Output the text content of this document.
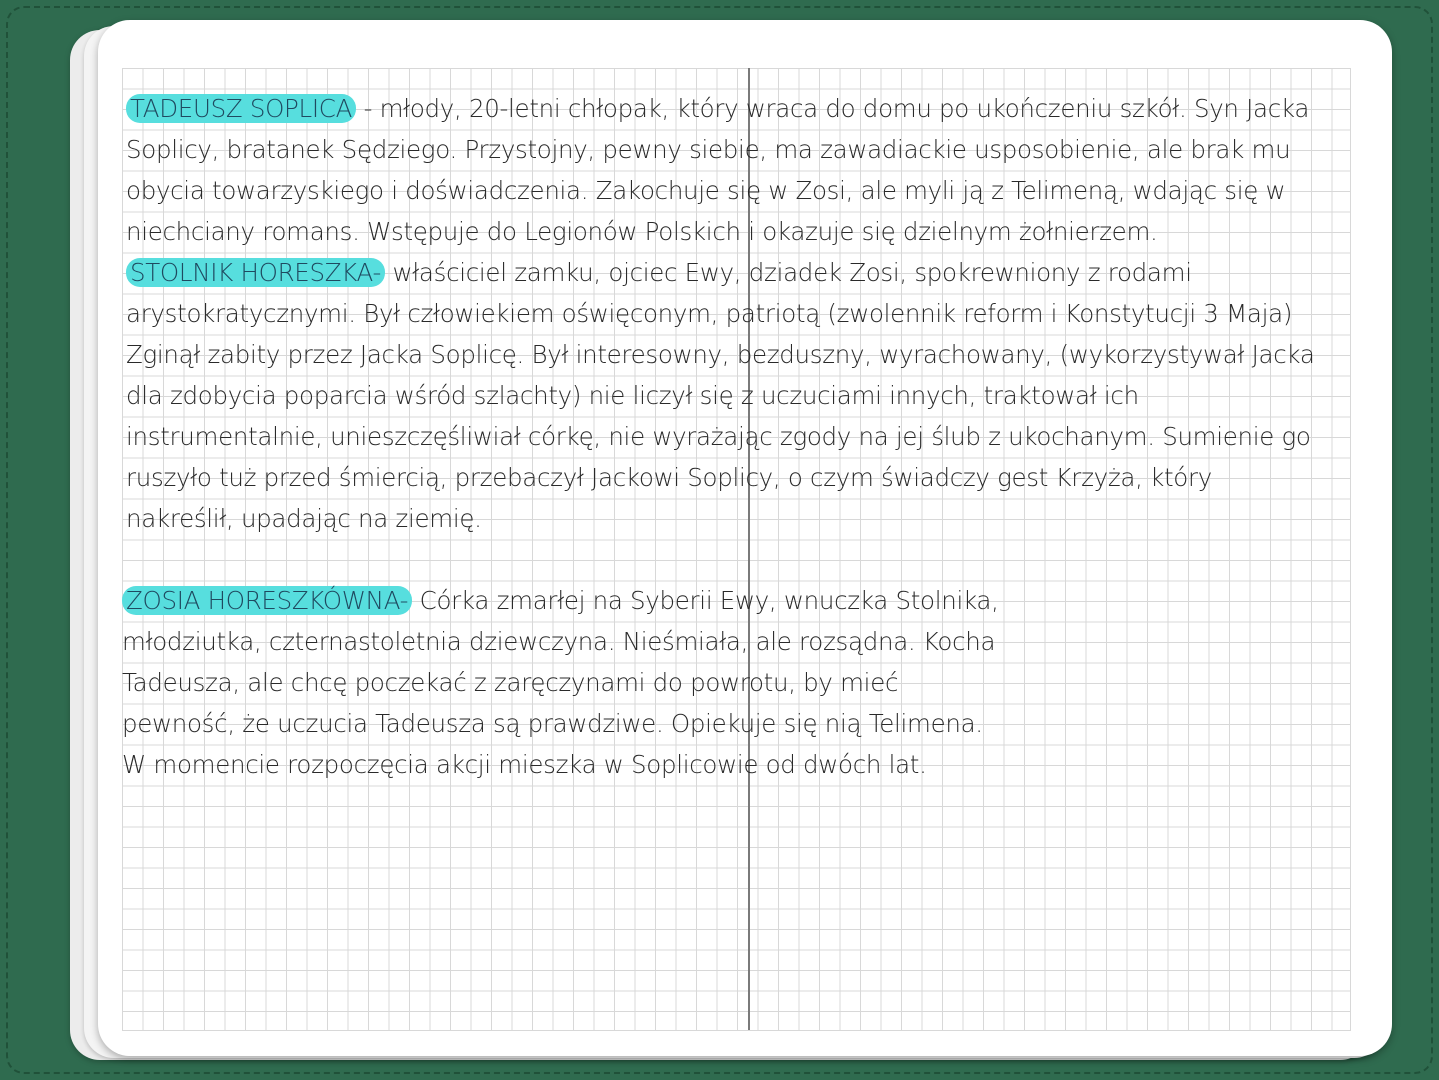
TADEUSZ SOPLICA - młody, 20-letni chłopak, który wraca do domu po ukończeniu szkół. Syn Jacka Soplicy, bratanek Sędziego. Przystojny, pewny siebie, ma zawadiackie usposobienie, ale brak mu obycia towarzyskiego i doświadczenia. Zakochuje się w Zosi, ale myli ją z Telimeną, wdając się w niechciany romans. Wstępuje do Legionów Polskich i okazuje się dzielnym żołnierzem.

STOLNIK HORESZKA- właściciel zamku, ojciec Ewy, dziadek Zosi, spokrewniony z rodami arystokratycznymi. Był człowiekiem oświęconym, patriotą (zwolennik reform i Konstytucji 3 Maja) Zginął zabity przez Jacka Soplicę. Był interesowny, bezduszny, wyrachowany, (wykorzystywał Jacka dla zdobycia poparcia wśród szlachty) nie liczył się z uczuciami innych, traktował ich instrumentalnie, unieszczęśliwiał córkę, nie wyrażając zgody na jej ślub z ukochanym. Sumienie go ruszyło tuż przed śmiercią, przebaczył Jackowi Soplicy, o czym świadczy gest Krzyża, który nakreślił, upadając na ziemię.

ZOSIA HORESZKÓWNA- Córka zmarłej na Syberii Ewy, wnuczka Stolnika, młodziutka, czternastoletnia dziewczyna. Nieśmiała, ale rozsądna. Kocha Tadeusza, ale chcę poczekać z zaręczynami do powrotu, by mieć pewność, że uczucia Tadeusza są prawdziwe. Opiekuje się nią Telimena. W momencie rozpoczęcia akcji mieszka w Soplicowie od dwóch lat.
